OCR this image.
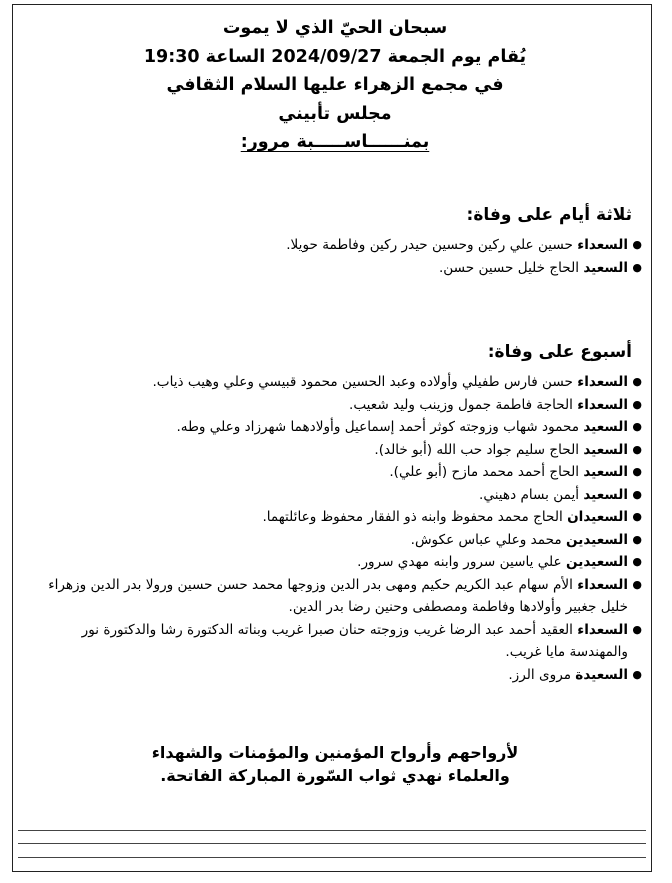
سبحان الحيّ الذي لا يموت

يُقام يوم الجمعة 2024/09/27 الساعة 19:30

في مجمع الزهراء عليها السلام الثقافي

مجلس تأبيني

بمنــــــاســـــبة مرور:

ثلاثة أيام على وفاة:

●
السعداء حسين علي ركين وحسين حيدر ركين وفاطمة حويلا.
●
السعيد الحاج خليل حسين حسن.

أسبوع على وفاة:

●
السعداء حسن فارس طفيلي وأولاده وعبد الحسين محمود قبيسي وعلي وهيب ذياب.
●
السعداء الحاجة فاطمة جمول وزينب وليد شعيب.
●
السعيد محمود شهاب وزوجته كوثر أحمد إسماعيل وأولادهما شهرزاد وعلي وطه.
●
السعيد الحاج سليم جواد حب الله (أبو خالد).
●
السعيد الحاج أحمد محمد مازح (أبو علي).
●
السعيد أيمن بسام دهيني.
●
السعيدان الحاج محمد محفوظ وابنه ذو الفقار محفوظ وعائلتهما.
●
السعيدين محمد وعلي عباس عكوش.
●
السعيدين علي ياسين سرور وابنه مهدي سرور.
●
السعداء الأم سهام عبد الكريم حكيم ومهى بدر الدين وزوجها محمد حسن حسين ورولا بدر الدين وزهراء خليل جغبير وأولادها وفاطمة ومصطفى وحنين رضا بدر الدين.
●
السعداء العقيد أحمد عبد الرضا غريب وزوجته حنان صبرا غريب وبناته الدكتورة رشا والدكتورة نور والمهندسة مايا غريب.
●
السعيدة مروى الرز.

لأرواحهم وأرواح المؤمنين والمؤمنات والشهداء

والعلماء نهدي ثواب السّورة المباركة الفاتحة.
